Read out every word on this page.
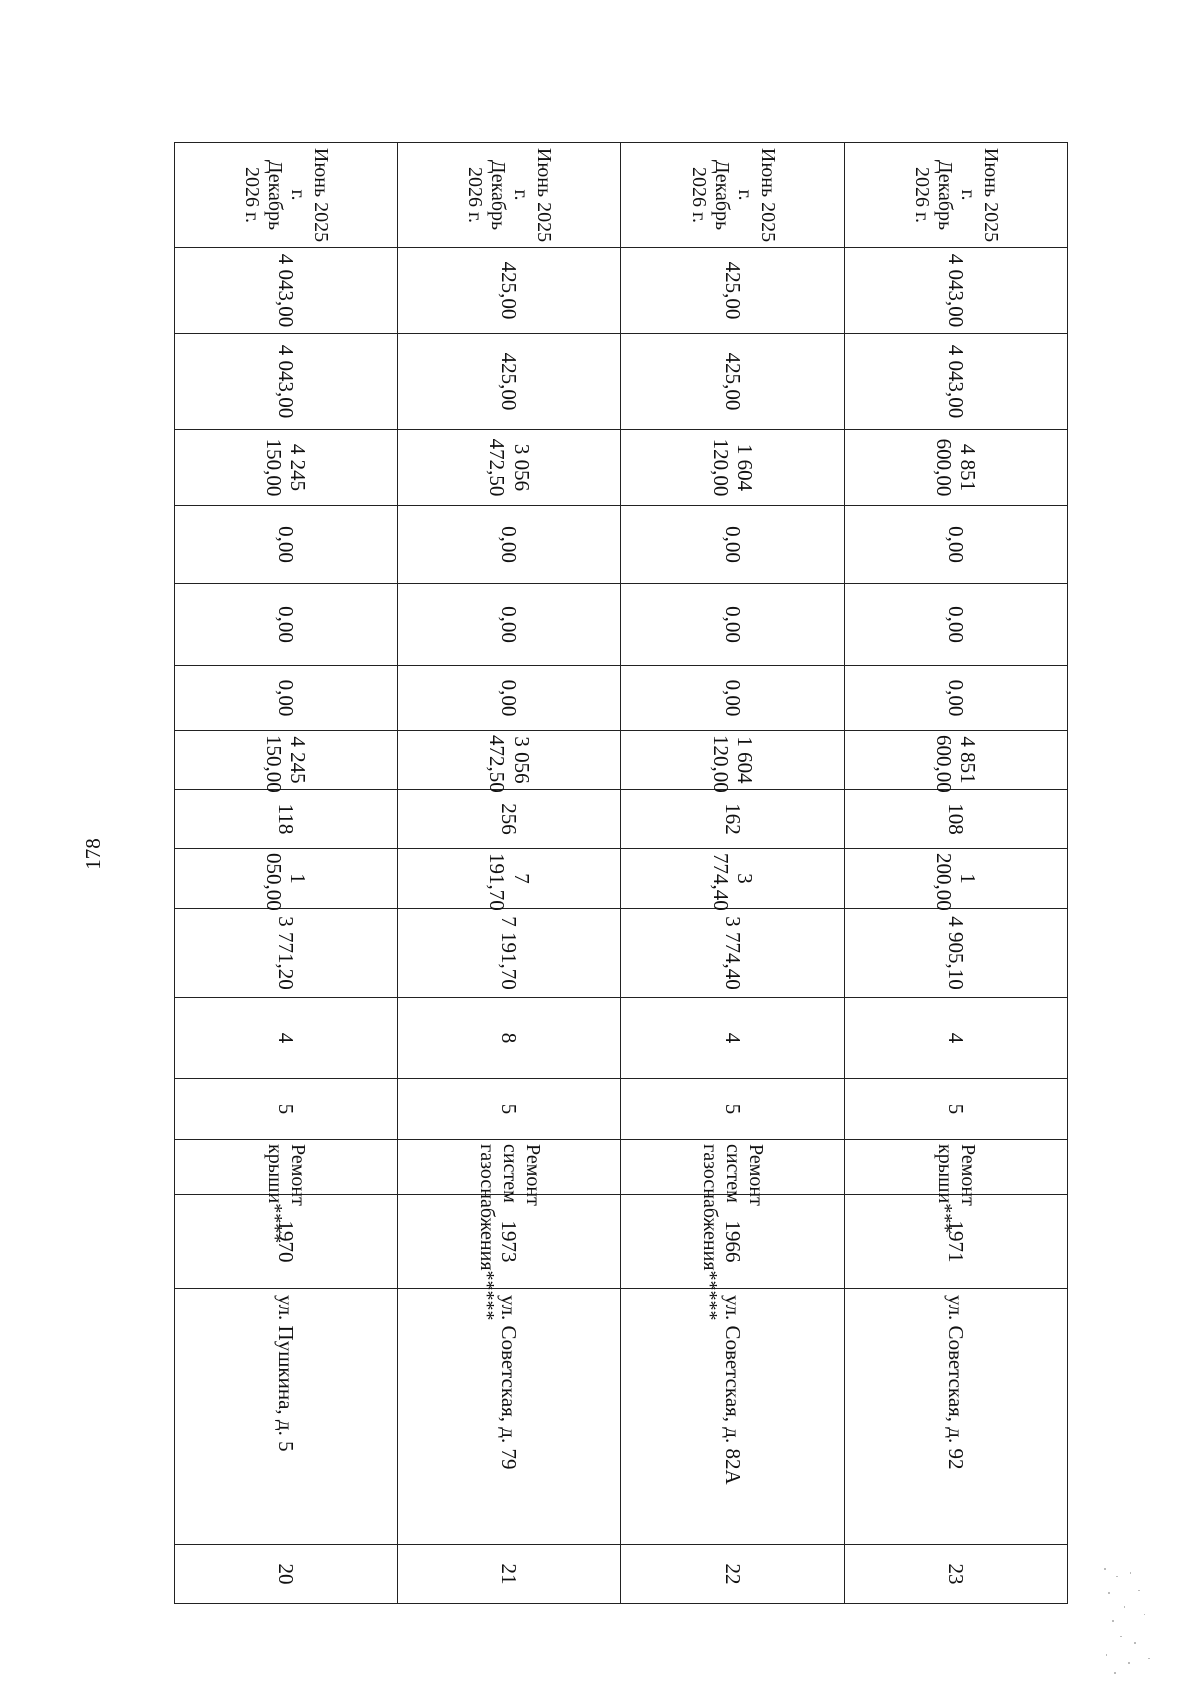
178
Июнь 2025 г.
Декабрь 2026 г.	4 043,00	4 043,00	4 851 600,00	0,00	0,00	0,00	4 851 600,00	108	1 200,00	4 905,10	4	5	Ремонт крыши***	1971	ул. Советская, д. 92	23

Июнь 2025 г.
Декабрь 2026 г.	425,00	425,00	1 604 120,00	0,00	0,00	0,00	1 604 120,00	162	3 774,40	3 774,40	4	5	Ремонт систем газоснабжения*****	1966	ул. Советская, д. 82А	22

Июнь 2025 г.
Декабрь 2026 г.	425,00	425,00	3 056 472,50	0,00	0,00	0,00	3 056 472,50	256	7 191,70	7 191,70	8	5	Ремонт систем газоснабжения*****	1973	ул. Советская, д. 79	21

Июнь 2025 г.
Декабрь 2026 г.	4 043,00	4 043,00	4 245 150,00	0,00	0,00	0,00	4 245 150,00	118	1 050,00	3 771,20	4	5	Ремонт крыши****	1970	ул. Пушкина, д. 5	20
